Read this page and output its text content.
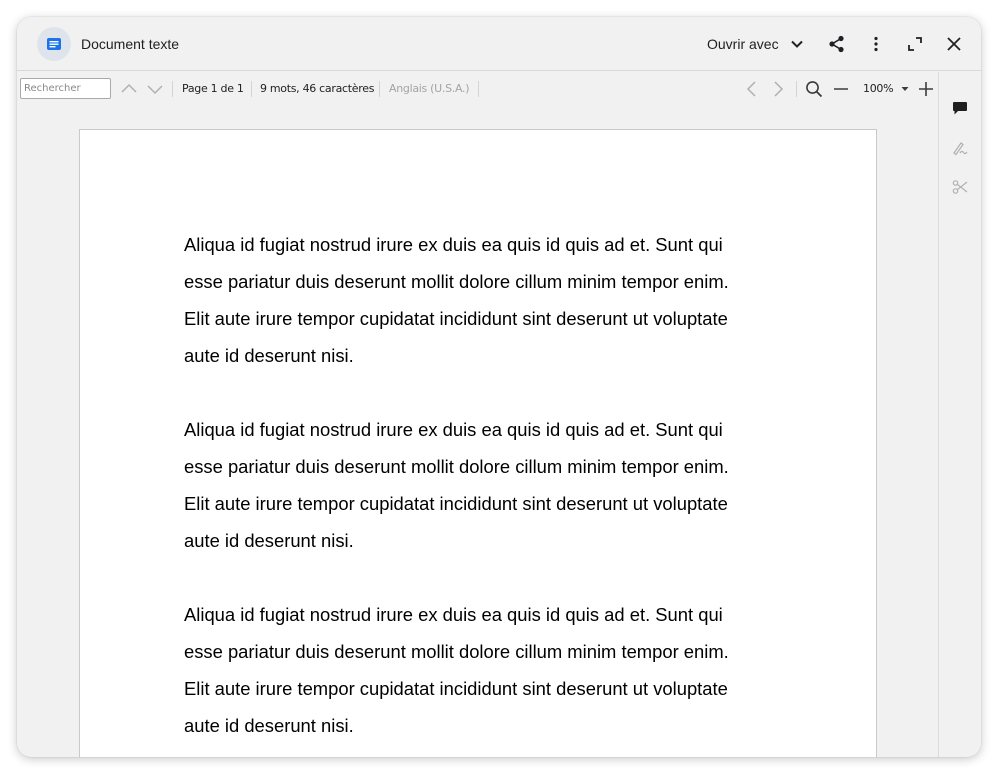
Document texte	Ouvrir avec
Rechercher
Page 1 de 1 9 mots, 46 caractères Anglais (U.S.A.)	100%
Aliqua id fugiat nostrud irure ex duis ea quis id quis ad et. Sunt qui
esse pariatur duis deserunt mollit dolore cillum minim tempor enim.
Elit aute irure tempor cupidatat incididunt sint deserunt ut voluptate
aute id deserunt nisi.
Aliqua id fugiat nostrud irure ex duis ea quis id quis ad et. Sunt qui
esse pariatur duis deserunt mollit dolore cillum minim tempor enim.
Elit aute irure tempor cupidatat incididunt sint deserunt ut voluptate
aute id deserunt nisi.
Aliqua id fugiat nostrud irure ex duis ea quis id quis ad et. Sunt qui
esse pariatur duis deserunt mollit dolore cillum minim tempor enim.
Elit aute irure tempor cupidatat incididunt sint deserunt ut voluptate
aute id deserunt nisi.
